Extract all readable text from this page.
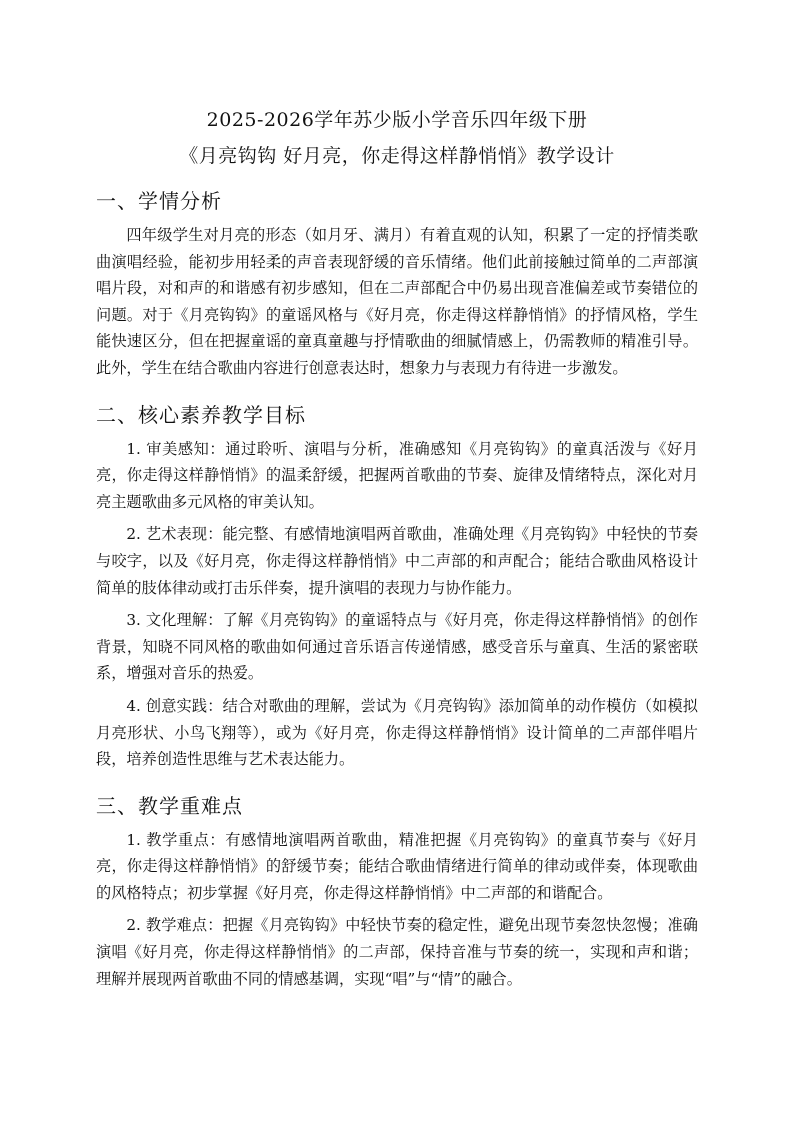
2025-2026学年苏少版小学音乐四年级下册
《月亮钩钩 好月亮，你走得这样静悄悄》教学设计
一、学情分析

四年级学生对月亮的形态（如月牙、满月）有着直观的认知，积累了一定的抒情类歌曲演唱经验，能初步用轻柔的声音表现舒缓的音乐情绪。他们此前接触过简单的二声部演唱片段，对和声的和谐感有初步感知，但在二声部配合中仍易出现音准偏差或节奏错位的问题。对于《月亮钩钩》的童谣风格与《好月亮，你走得这样静悄悄》的抒情风格，学生能快速区分，但在把握童谣的童真童趣与抒情歌曲的细腻情感上，仍需教师的精准引导。此外，学生在结合歌曲内容进行创意表达时，想象力与表现力有待进一步激发。

二、核心素养教学目标

1. 审美感知：通过聆听、演唱与分析，准确感知《月亮钩钩》的童真活泼与《好月亮，你走得这样静悄悄》的温柔舒缓，把握两首歌曲的节奏、旋律及情绪特点，深化对月亮主题歌曲多元风格的审美认知。

2. 艺术表现：能完整、有感情地演唱两首歌曲，准确处理《月亮钩钩》中轻快的节奏与咬字，以及《好月亮，你走得这样静悄悄》中二声部的和声配合；能结合歌曲风格设计简单的肢体律动或打击乐伴奏，提升演唱的表现力与协作能力。

3. 文化理解：了解《月亮钩钩》的童谣特点与《好月亮，你走得这样静悄悄》的创作背景，知晓不同风格的歌曲如何通过音乐语言传递情感，感受音乐与童真、生活的紧密联系，增强对音乐的热爱。

4. 创意实践：结合对歌曲的理解，尝试为《月亮钩钩》添加简单的动作模仿（如模拟月亮形状、小鸟飞翔等），或为《好月亮，你走得这样静悄悄》设计简单的二声部伴唱片段，培养创造性思维与艺术表达能力。

三、教学重难点

1. 教学重点：有感情地演唱两首歌曲，精准把握《月亮钩钩》的童真节奏与《好月亮，你走得这样静悄悄》的舒缓节奏；能结合歌曲情绪进行简单的律动或伴奏，体现歌曲的风格特点；初步掌握《好月亮，你走得这样静悄悄》中二声部的和谐配合。

2. 教学难点：把握《月亮钩钩》中轻快节奏的稳定性，避免出现节奏忽快忽慢；准确演唱《好月亮，你走得这样静悄悄》的二声部，保持音准与节奏的统一，实现和声和谐；理解并展现两首歌曲不同的情感基调，实现“唱”与“情”的融合。
